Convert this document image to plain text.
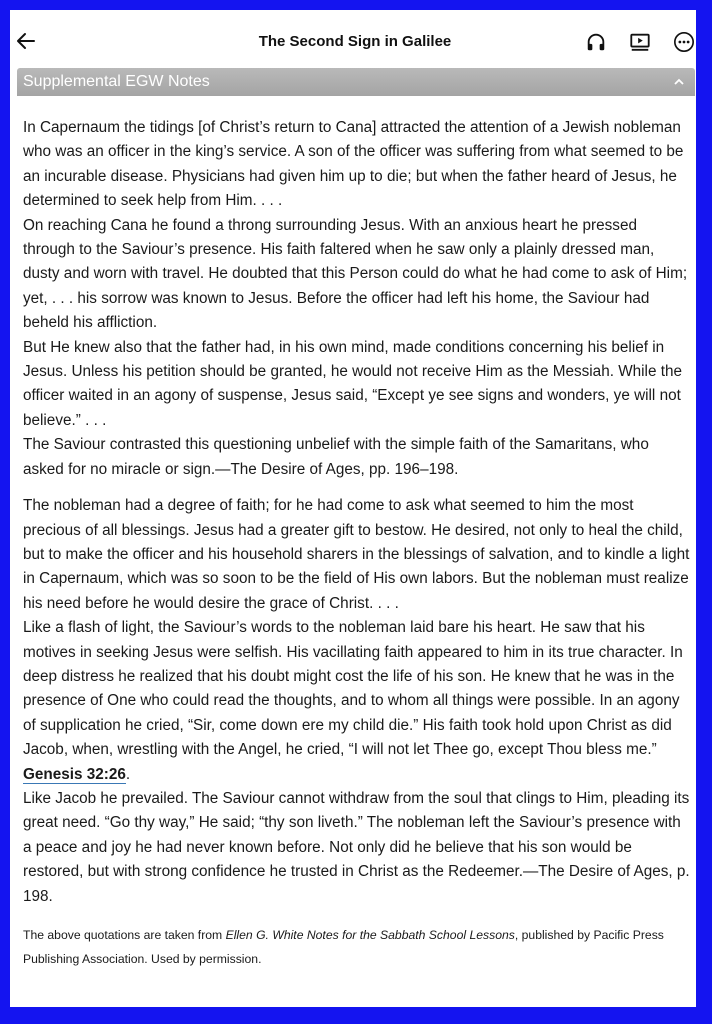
The Second Sign in Galilee
Supplemental EGW Notes

In Capernaum the tidings [of Christ’s return to Cana] attracted the attention of a Jewish nobleman who was an officer in the king’s service. A son of the officer was suffering from what seemed to be an incurable disease. Physicians had given him up to die; but when the father heard of Jesus, he determined to seek help from Him. . . .

On reaching Cana he found a throng surrounding Jesus. With an anxious heart he pressed through to the Saviour’s presence. His faith faltered when he saw only a plainly dressed man, dusty and worn with travel. He doubted that this Person could do what he had come to ask of Him; yet, . . . his sorrow was known to Jesus. Before the officer had left his home, the Saviour had beheld his affliction.

But He knew also that the father had, in his own mind, made conditions concerning his belief in Jesus. Unless his petition should be granted, he would not receive Him as the Messiah. While the officer waited in an agony of suspense, Jesus said, “Except ye see signs and wonders, ye will not believe.” . . .

The Saviour contrasted this questioning unbelief with the simple faith of the Samaritans, who asked for no miracle or sign.—The Desire of Ages, pp. 196–198.

The nobleman had a degree of faith; for he had come to ask what seemed to him the most precious of all blessings. Jesus had a greater gift to bestow. He desired, not only to heal the child, but to make the officer and his household sharers in the blessings of salvation, and to kindle a light in Capernaum, which was so soon to be the field of His own labors. But the nobleman must realize his need before he would desire the grace of Christ. . . .

Like a flash of light, the Saviour’s words to the nobleman laid bare his heart. He saw that his motives in seeking Jesus were selfish. His vacillating faith appeared to him in its true character. In deep distress he realized that his doubt might cost the life of his son. He knew that he was in the presence of One who could read the thoughts, and to whom all things were possible. In an agony of supplication he cried, “Sir, come down ere my child die.” His faith took hold upon Christ as did Jacob, when, wrestling with the Angel, he cried, “I will not let Thee go, except Thou bless me.” Genesis 32:26.

Like Jacob he prevailed. The Saviour cannot withdraw from the soul that clings to Him, pleading its great need. “Go thy way,” He said; “thy son liveth.” The nobleman left the Saviour’s presence with a peace and joy he had never known before. Not only did he believe that his son would be restored, but with strong confidence he trusted in Christ as the Redeemer.—The Desire of Ages, p. 198.

The above quotations are taken from Ellen G. White Notes for the Sabbath School Lessons, published by Pacific Press Publishing Association. Used by permission.
